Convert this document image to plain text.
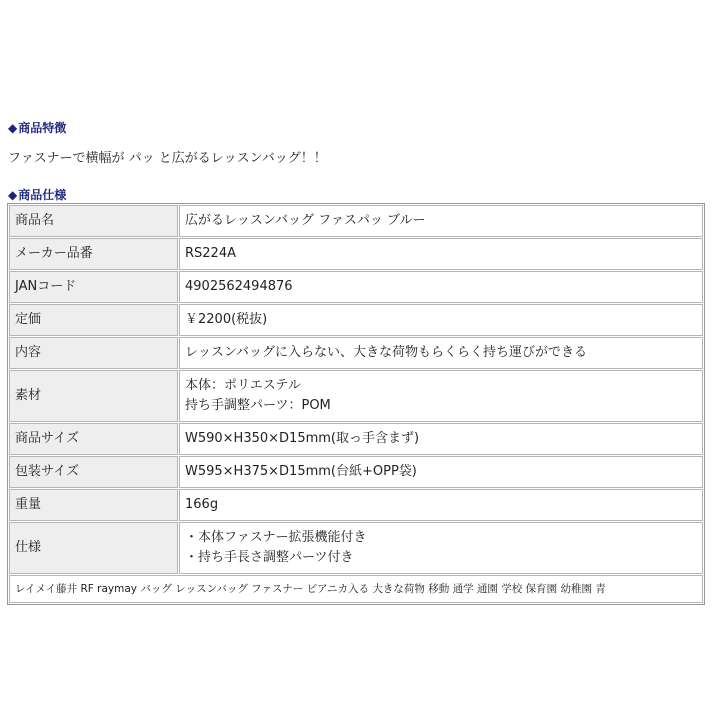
◆商品特徴
ファスナーで横幅が パッ と広がるレッスンバッグ！！
◆商品仕様
商品名	広がるレッスンバッグ ファスパッ ブルー

メーカー品番	RS224A

JANコード	4902562494876

定価	￥2200(税抜)

内容	レッスンバッグに入らない、大きな荷物もらくらく持ち運びができる

素材	本体：ポリエステル
持ち手調整パーツ：POM

商品サイズ	W590×H350×D15mm(取っ手含まず)

包装サイズ	W595×H375×D15mm(台紙+OPP袋)

重量	166g

仕様	・本体ファスナー拡張機能付き
・持ち手長さ調整パーツ付き

レイメイ藤井 RF raymay バッグ レッスンバッグ ファスナー ピアニカ入る 大きな荷物 移動 通学 通園 学校 保育園 幼稚園 青	
